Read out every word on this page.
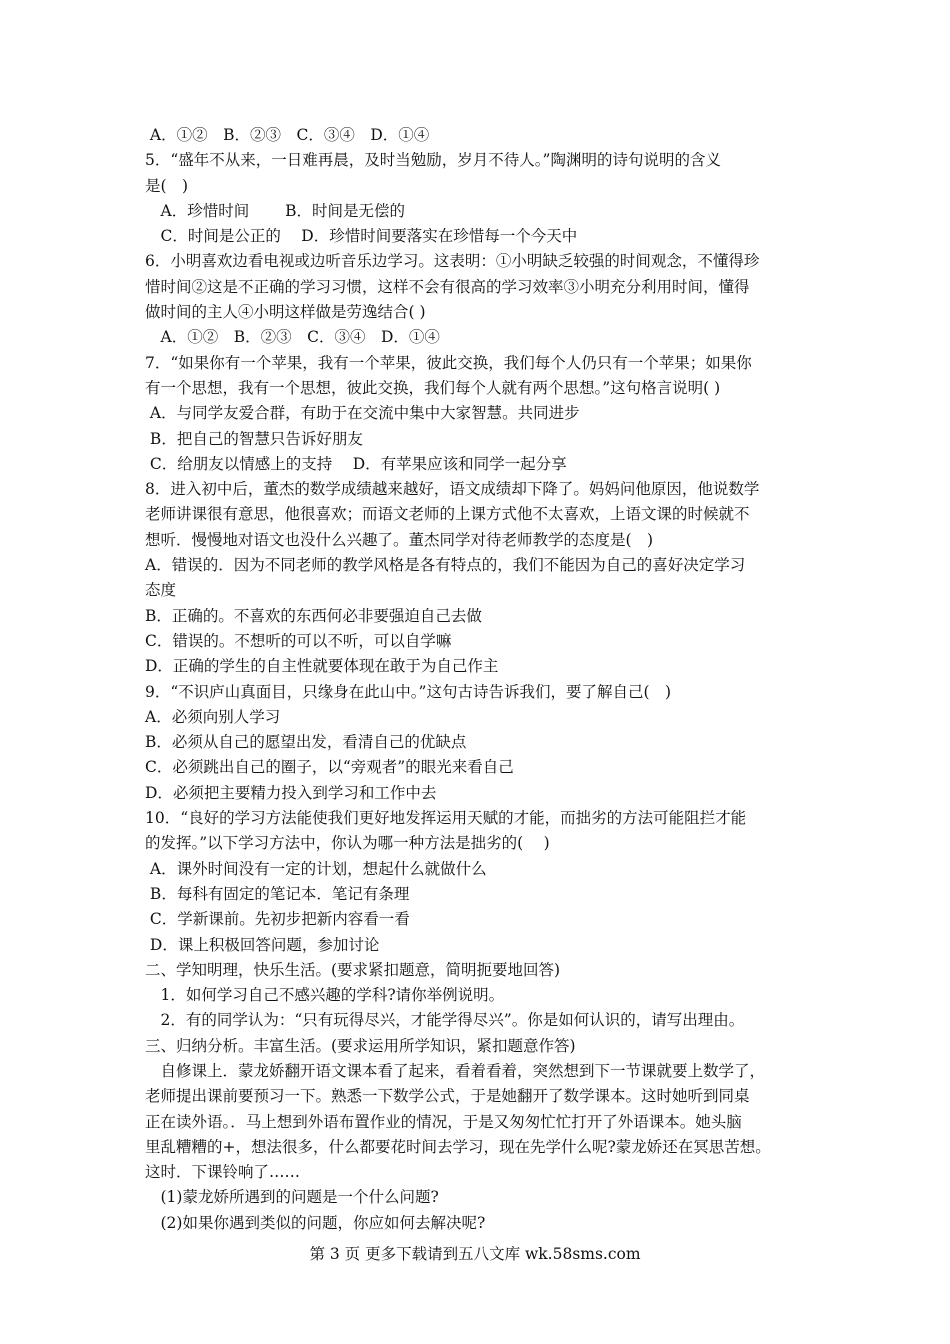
A．①②　B．②③　C．③④　D．①④
5．“盛年不从来，一日难再晨，及时当勉励，岁月不待人。”陶渊明的诗句说明的含义
是(　)
　A．珍惜时间　　 B．时间是无偿的
　C．时间是公正的　 D．珍惜时间要落实在珍惜每一个今天中
6．小明喜欢边看电视或边听音乐边学习。这表明：①小明缺乏较强的时间观念，不懂得珍
惜时间②这是不正确的学习习惯，这样不会有很高的学习效率③小明充分利用时间，懂得
做时间的主人④小明这样做是劳逸结合( )
　A．①②　B．②③　C．③④　D．①④
7．“如果你有一个苹果，我有一个苹果，彼此交换，我们每个人仍只有一个苹果；如果你
有一个思想，我有一个思想，彼此交换，我们每个人就有两个思想。”这句格言说明( )
A．与同学友爱合群，有助于在交流中集中大家智慧。共同进步
B．把自己的智慧只告诉好朋友
C．给朋友以情感上的支持　 D．有苹果应该和同学一起分享
8．进入初中后，董杰的数学成绩越来越好，语文成绩却下降了。妈妈问他原因，他说数学
老师讲课很有意思，他很喜欢；而语文老师的上课方式他不太喜欢，上语文课的时候就不
想听．慢慢地对语文也没什么兴趣了。董杰同学对待老师教学的态度是(　)
A．错误的．因为不同老师的教学风格是各有特点的，我们不能因为自己的喜好决定学习
态度
B．正确的。不喜欢的东西何必非要强迫自己去做
C．错误的。不想听的可以不听，可以自学嘛
D．正确的学生的自主性就要体现在敢于为自己作主
9．“不识庐山真面目，只缘身在此山中。”这句古诗告诉我们，要了解自己(　)
A．必须向别人学习
B．必须从自己的愿望出发，看清自己的优缺点
C．必须跳出自己的圈子，以“旁观者”的眼光来看自己
D．必须把主要精力投入到学习和工作中去
10．“良好的学习方法能使我们更好地发挥运用天赋的才能，而拙劣的方法可能阻拦才能
的发挥。”以下学习方法中，你认为哪一种方法是拙劣的(　 )
A．课外时间没有一定的计划，想起什么就做什么
B．每科有固定的笔记本．笔记有条理
C．学新课前。先初步把新内容看一看
D．课上积极回答问题，参加讨论
二、学知明理，快乐生活。(要求紧扣题意，简明扼要地回答)
　1．如何学习自己不感兴趣的学科?请你举例说明。
　2．有的同学认为：“只有玩得尽兴，才能学得尽兴”。你是如何认识的，请写出理由。
三、归纳分析。丰富生活。(要求运用所学知识，紧扣题意作答)
　自修课上．蒙龙娇翻开语文课本看了起来，看着看着，突然想到下一节课就要上数学了，
老师提出课前要预习一下。熟悉一下数学公式，于是她翻开了数学课本。这时她听到同桌
正在读外语。．马上想到外语布置作业的情况，于是又匆匆忙忙打开了外语课本。她头脑
里乱糟糟的+，想法很多，什么都要花时间去学习，现在先学什么呢?蒙龙娇还在冥思苦想。
这时．下课铃响了……
　(1)蒙龙娇所遇到的问题是一个什么问题?
　(2)如果你遇到类似的问题，你应如何去解决呢?
第 3 页 更多下载请到五八文库 wk.58sms.com
